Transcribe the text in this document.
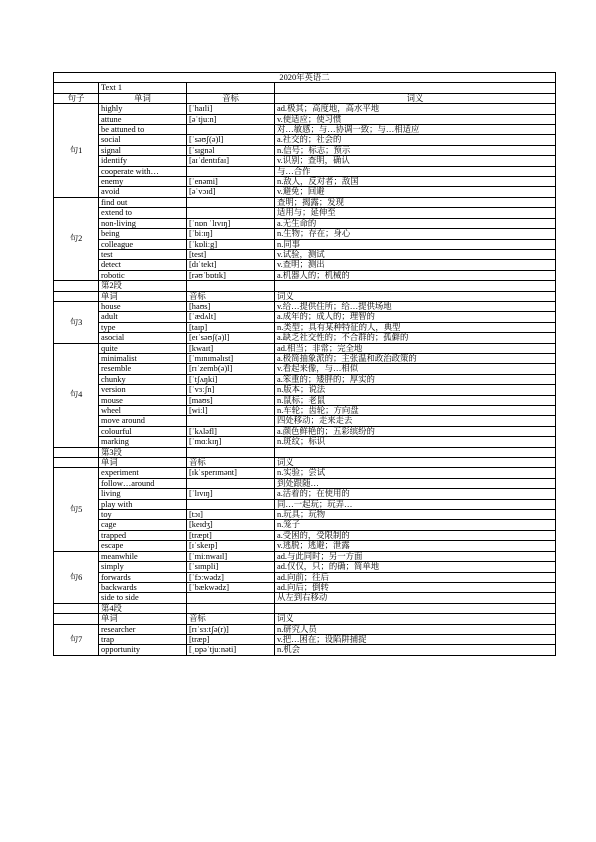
2020年英语二			
	Text 1		
句子	单词	音标	词义
句1	highly	[ˈhaɪli]	ad.极其；高度地，高水平地
	attune	[əˈtjuːn]	v.使适应；使习惯
	be attuned to		对…敏感；与…协调一致；与…相适应
	social	[ˈsəʊʃ(ə)l]	a.社交的；社会的
	signal	[ˈsɪgnəl	n.信号；标志；预示
	identify	[aɪˈdentɪfaɪ]	v.识别；查明，确认
	cooperate with…		与…合作
	enemy	[ˈenəmi]	n.敌人，反对者；敌国
	avoid	[əˈvɔɪd]	v.避免；回避
句2	find out		查明；揭露；发现
	extend to		适用与；延伸至
	non-living	[ˈnɒn ˈlɪvɪŋ]	a.无生命的
	being	[ˈbiːɪŋ]	n.生物；存在；身心
	colleague	[ˈkɒliːg]	n.同事
	test	[test]	v.试验，测试
	detect	[dɪˈtekt]	v.查明；测出
	robotic	[rəʊˈbɒtɪk]	a.机器人的；机械的
	第2段		
	单词	音标	词义
句3	house	[haʊs]	v.给…提供住所；给…提供场地
	adult	[ˈædʌlt]	a.成年的；成人的；理智的
	type	[taɪp]	n.类型；具有某种特征的人，典型
	asocial	[eɪˈsəʊʃ(ə)l]	a.缺乏社交性的；不合群的；孤僻的
句4	quite	[kwaɪt]	ad.相当；非常；完全地
	minimalist	[ˈmɪnɪməlɪst]	a.极简抽象派的；主张温和政治政策的
	resemble	[rɪˈzemb(ə)l]	v.看起来像，与…相似
	chunky	[ˈtʃʌŋki]	a.笨重的；矮胖的；厚实的
	version	[ˈvɜːʃn]	n.版本；说法
	mouse	[maʊs]	n.鼠标；老鼠
	wheel	[wiːl]	n.车轮；齿轮；方向盘
	move around		四处移动；走来走去
	colourful	[ˈkʌləfl]	a.颜色鲜艳的；五彩缤纷的
	marking	[ˈmɑːkɪŋ]	n.斑纹；标识
	第3段		
	单词	音标	词义
句5	experiment	[ɪkˈsperɪmənt]	n.实验；尝试
	follow…around		到处跟随…
	living	[ˈlɪvɪŋ]	a.活着的；在使用的
	play with		同…一起玩；玩弄…
	toy	[tɔɪ]	n.玩具；玩物
	cage	[keɪdʒ]	n.笼子
	trapped	[træpt]	a.受困的，受限制的
	escape	[ɪˈskeɪp]	v.逃脱；逃避；泄露
句6	meanwhile	[ˈmiːnwaɪl]	ad.与此同时；另一方面
	simply	[ˈsɪmpli]	ad.仅仅，只；的确；简单地
	forwards	[ˈfɔːwədz]	ad.向前；往后
	backwards	[ˈbækwədz]	ad.向后；倒转
	side to side		从左到右移动
	第4段		
	单词	音标	词义
句7	researcher	[rɪˈsɜːtʃə(r)]	n.研究人员
	trap	[træp]	v.把…困在；设陷阱捕捉
	opportunity	[ˌɒpəˈtjuːnəti]	n.机会
